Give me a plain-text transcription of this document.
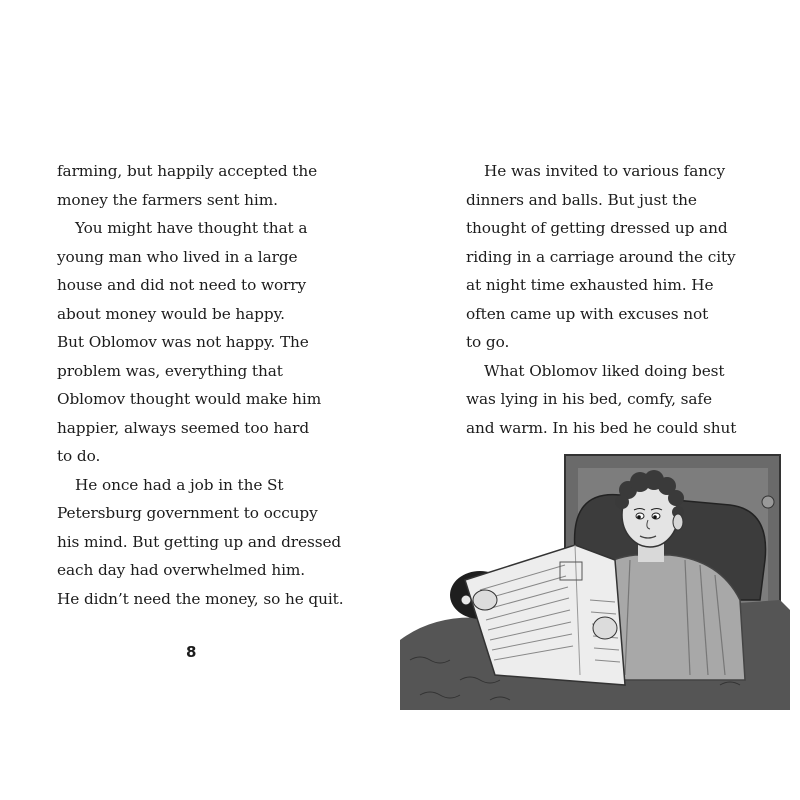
farming, but happily accepted the
money the farmers sent him.
You might have thought that a
young man who lived in a large
house and did not need to worry
about money would be happy.
But Oblomov was not happy. The
problem was, everything that
Oblomov thought would make him
happier, always seemed too hard
to do.
He once had a job in the St
Petersburg government to occupy
his mind. But getting up and dressed
each day had overwhelmed him.
He didn’t need the money, so he quit.
8
He was invited to various fancy
dinners and balls. But just the
thought of getting dressed up and
riding in a carriage around the city
at night time exhausted him. He
often came up with excuses not
to go.
What Oblomov liked doing best
was lying in his bed, comfy, safe
and warm. In his bed he could shut
